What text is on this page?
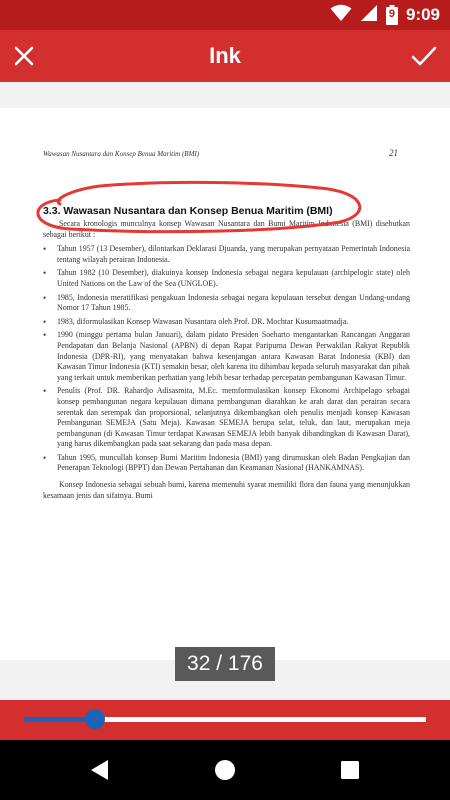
9 9:09
Ink
Wawasan Nusantara dan Konsep Benua Maritim (BMI)	21
3.3. Wawasan Nusantara dan Konsep Benua Maritim (BMI)

Secara kronologis munculnya konsep Wawasan Nusantara dan Bumi Maritim Indonesia (BMI) disebutkan sebagai berikut :

• Tahun 1957 (13 Desember), dilontarkan Deklarasi Djuanda, yang merupakan pernyataan Pemerintah Indonesia tentang wilayah perairan Indonesia.
• Tahun 1982 (10 Desember), diakuinya konsep Indonesia sebagai negara kepulauan (archipelogic state) oleh United Nations on the Law of the Sea (UNGLOE).
• 1985, Indonesia meratifikasi pengakuan Indonesia sebagai negara kepulauan tersebut dengan Undang-undang Nomor 17 Tahun 1985.
• 1983, diformulasikan Konsep Wawasan Nusantara oleh Prof. DR. Mochtar Kusumaatmadja.
• 1990 (minggu pertama bulan Januari), dalam pidato Presiden Soeharto mengantarkan Rancangan Anggaran Pendapatan dan Belanja Nasional (APBN) di depan Rapat Paripurna Dewan Perwakilan Rakyat Republik Indonesia (DPR-RI), yang menyatakan bahwa kesenjangan antara Kawasan Barat Indonesia (KBI) dan Kawasan Timur Indonesia (KTI) semakin besar, oleh karena itu dihimbau kepada seluruh masyarakat dan pihak yang terkait untuk memberikan perhatian yang lebih besar terhadap percepatan pembangunan Kawasan Timur.
• Penulis (Prof. DR. Rahardjo Adisasmita, M.Ec. memformulasikan konsep Ekonomi Archipelago sebagai konsep pembangunan negara kepulauan dimana pembangunan diarahkan ke arah darat dan perairan secara serentak dan serempak dan proporsional, selanjutnya dikembangkan oleh penulis menjadi konsep Kawasan Pembangunan SEMEJA (Satu Meja). Kawasan SEMEJA berupa selat, teluk, dan laut, merupakan meja pembangunan (di Kawasan Timur terdapat Kawasan SEMEJA lebih banyak dibandingkan di Kawasan Darat), yang harus dikembangkan pada saat sekarang dan pada masa depan.
• Tahun 1995, muncullah konsep Bumi Maritim Indonesia (BMI) yang dirumuskan oleh Badan Pengkajian dan Penerapan Teknologi (BPPT) dan Dewan Pertahanan dan Keamanan Nasional (HANKAMNAS).

Konsep Indonesia sebagai sebuah bumi, karena memenuhi syarat memiliki flora dan fauna yang menunjukkan kesamaan jenis dan sifatnya. Bumi

32 / 176
